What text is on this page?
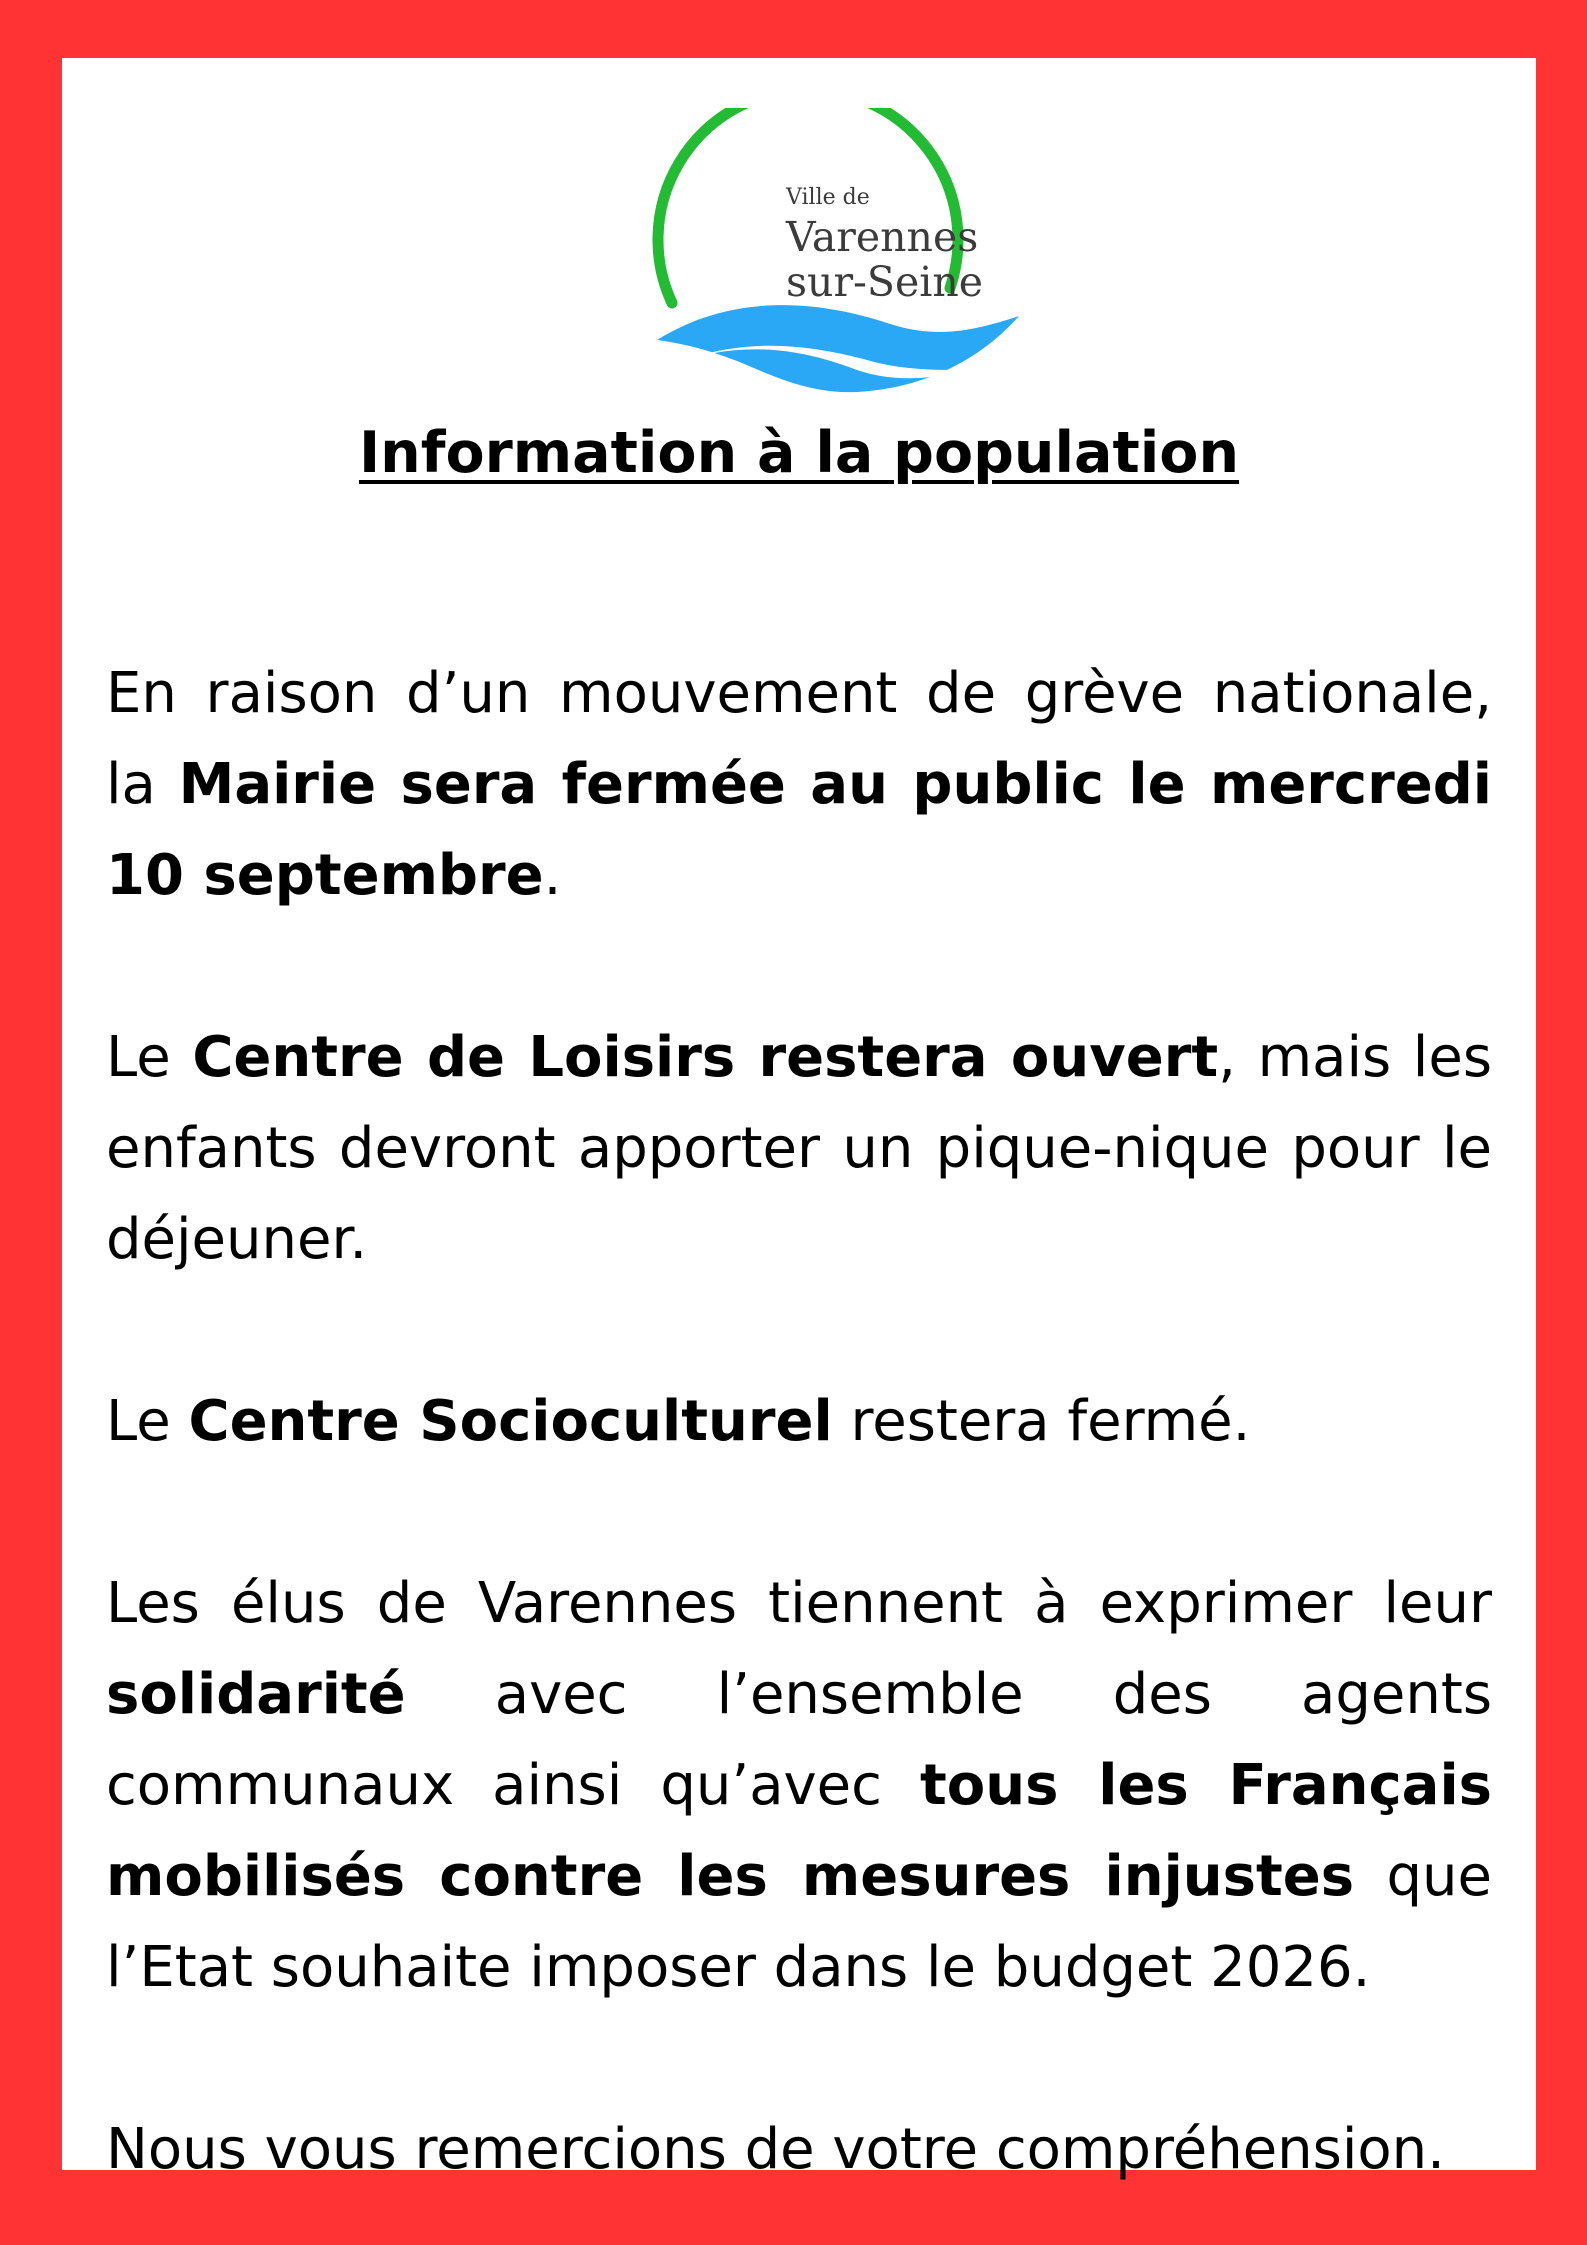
Ville de
Varennes
sur-Seine
Information à la population

En raison d’un mouvement de grève nationale, la Mairie sera fermée au public le mercredi 10 septembre.

Le Centre de Loisirs restera ouvert, mais les enfants devront apporter un pique-nique pour le déjeuner.

Le Centre Socioculturel restera fermé.

Les élus de Varennes tiennent à exprimer leur solidarité avec l’ensemble des agents communaux ainsi qu’avec tous les Français mobilisés contre les mesures injustes que l’Etat souhaite imposer dans le budget 2026.

Nous vous remercions de votre compréhension.
